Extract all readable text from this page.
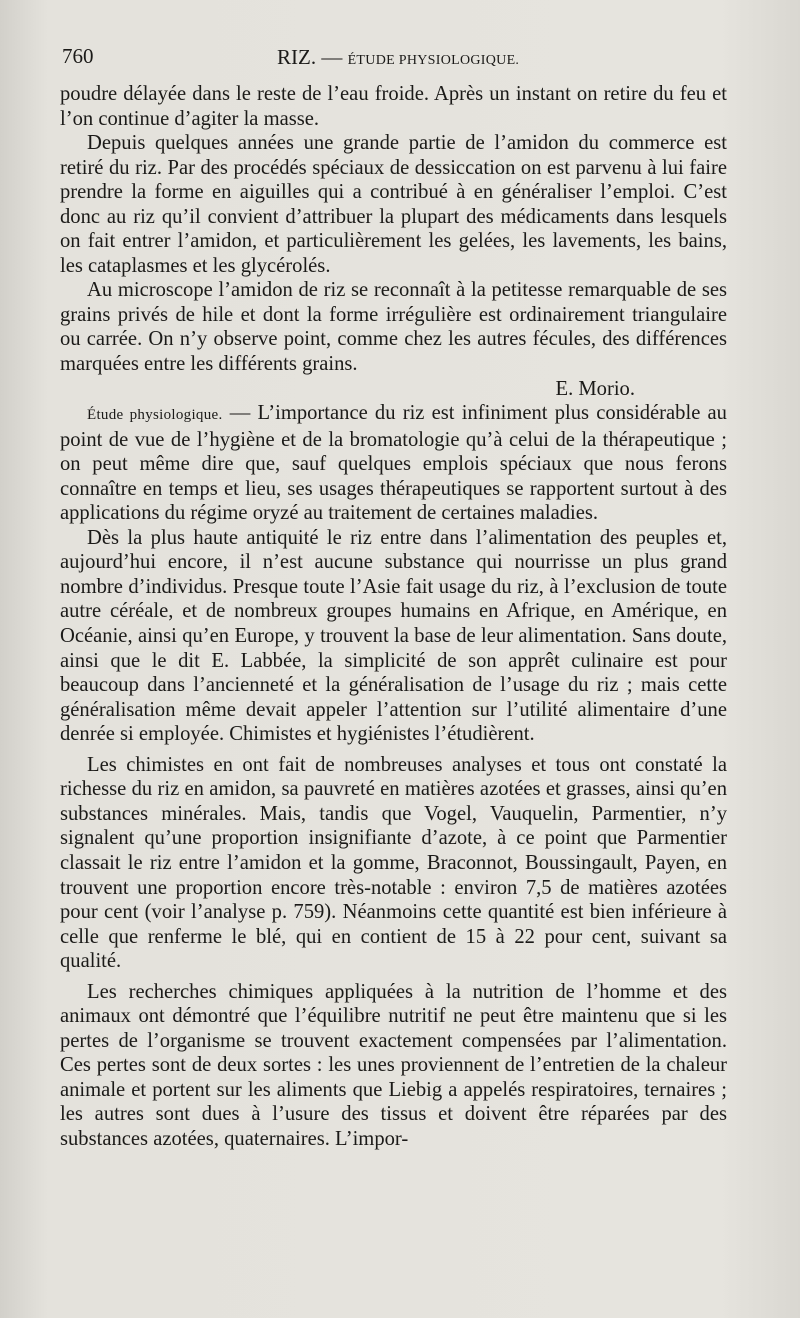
760	RIZ. — ÉTUDE PHYSIOLOGIQUE.

poudre délayée dans le reste de l’eau froide. Après un instant on retire du feu et l’on continue d’agiter la masse.

Depuis quelques années une grande partie de l’amidon du commerce est retiré du riz. Par des procédés spéciaux de dessiccation on est parvenu à lui faire prendre la forme en aiguilles qui a contribué à en généraliser l’emploi. C’est donc au riz qu’il convient d’attribuer la plupart des médicaments dans lesquels on fait entrer l’amidon, et particulièrement les gelées, les lavements, les bains, les cataplasmes et les glycérolés.

Au microscope l’amidon de riz se reconnaît à la petitesse remarquable de ses grains privés de hile et dont la forme irrégulière est ordinairement triangulaire ou carrée. On n’y observe point, comme chez les autres fécules, des différences marquées entre les différents grains.

E. Morio.

Étude physiologique. — L’importance du riz est infiniment plus considérable au point de vue de l’hygiène et de la bromatologie qu’à celui de la thérapeutique ; on peut même dire que, sauf quelques emplois spéciaux que nous ferons connaître en temps et lieu, ses usages thérapeutiques se rapportent surtout à des applications du régime oryzé au traitement de certaines maladies.

Dès la plus haute antiquité le riz entre dans l’alimentation des peuples et, aujourd’hui encore, il n’est aucune substance qui nourrisse un plus grand nombre d’individus. Presque toute l’Asie fait usage du riz, à l’exclusion de toute autre céréale, et de nombreux groupes humains en Afrique, en Amérique, en Océanie, ainsi qu’en Europe, y trouvent la base de leur alimentation. Sans doute, ainsi que le dit E. Labbée, la simplicité de son apprêt culinaire est pour beaucoup dans l’ancienneté et la généralisation de l’usage du riz ; mais cette généralisation même devait appeler l’attention sur l’utilité alimentaire d’une denrée si employée. Chimistes et hygiénistes l’étudièrent.

Les chimistes en ont fait de nombreuses analyses et tous ont constaté la richesse du riz en amidon, sa pauvreté en matières azotées et grasses, ainsi qu’en substances minérales. Mais, tandis que Vogel, Vauquelin, Parmentier, n’y signalent qu’une proportion insignifiante d’azote, à ce point que Parmentier classait le riz entre l’amidon et la gomme, Braconnot, Boussingault, Payen, en trouvent une proportion encore très-notable : environ 7,5 de matières azotées pour cent (voir l’analyse p. 759). Néanmoins cette quantité est bien inférieure à celle que renferme le blé, qui en contient de 15 à 22 pour cent, suivant sa qualité.

Les recherches chimiques appliquées à la nutrition de l’homme et des animaux ont démontré que l’équilibre nutritif ne peut être maintenu que si les pertes de l’organisme se trouvent exactement compensées par l’alimentation. Ces pertes sont de deux sortes : les unes proviennent de l’entretien de la chaleur animale et portent sur les aliments que Liebig a appelés respiratoires, ternaires ; les autres sont dues à l’usure des tissus et doivent être réparées par des substances azotées, quaternaires. L’impor-
